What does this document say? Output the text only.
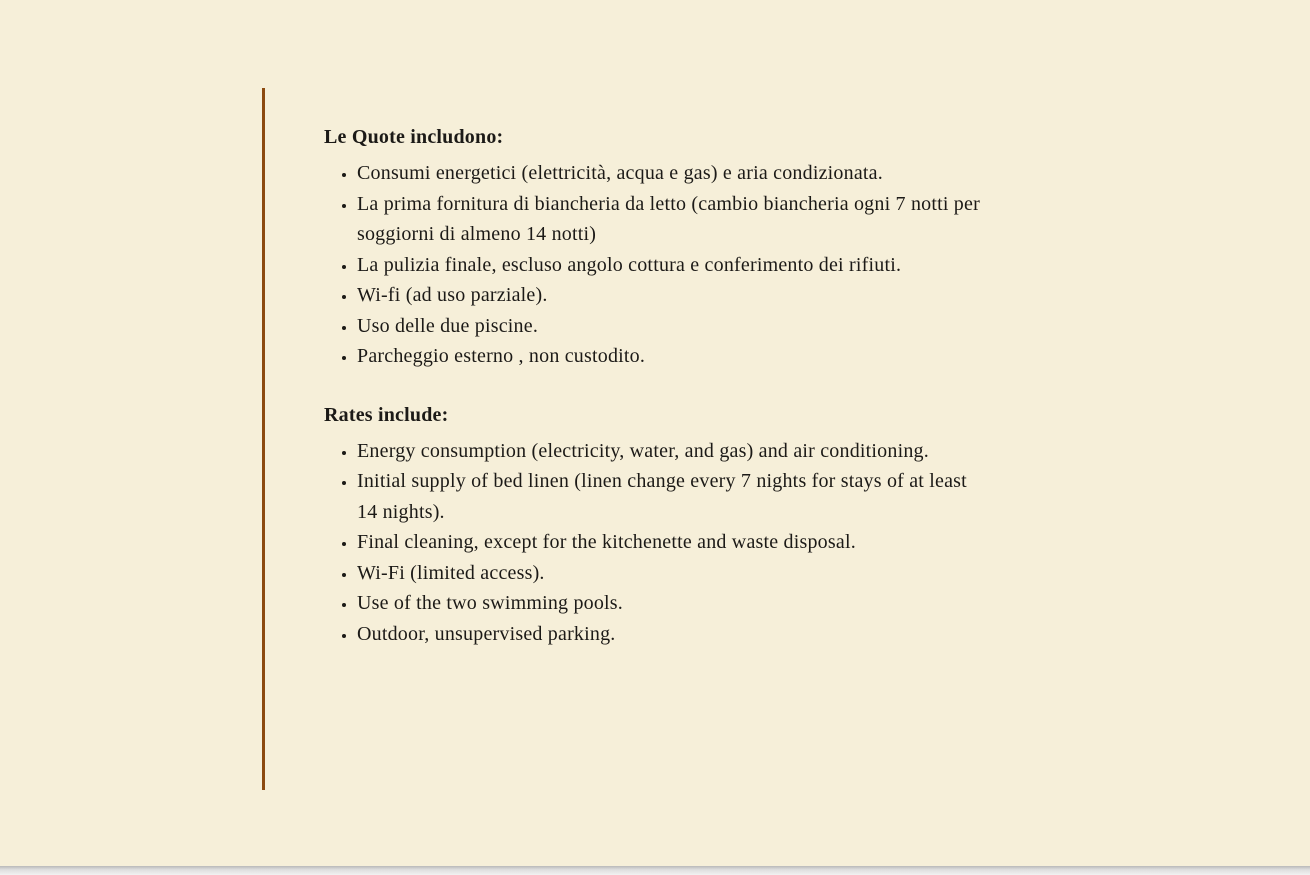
Le Quote includono:

• Consumi energetici (elettricità, acqua e gas) e aria condizionata.
• La prima fornitura di biancheria da letto (cambio biancheria ogni 7 notti per soggiorni di almeno 14 notti)
• La pulizia finale, escluso angolo cottura e conferimento dei rifiuti.
• Wi-fi (ad uso parziale).
• Uso delle due piscine.
• Parcheggio esterno , non custodito.

Rates include:

• Energy consumption (electricity, water, and gas) and air conditioning.
• Initial supply of bed linen (linen change every 7 nights for stays of at least 14 nights).
• Final cleaning, except for the kitchenette and waste disposal.
• Wi-Fi (limited access).
• Use of the two swimming pools.
• Outdoor, unsupervised parking.
